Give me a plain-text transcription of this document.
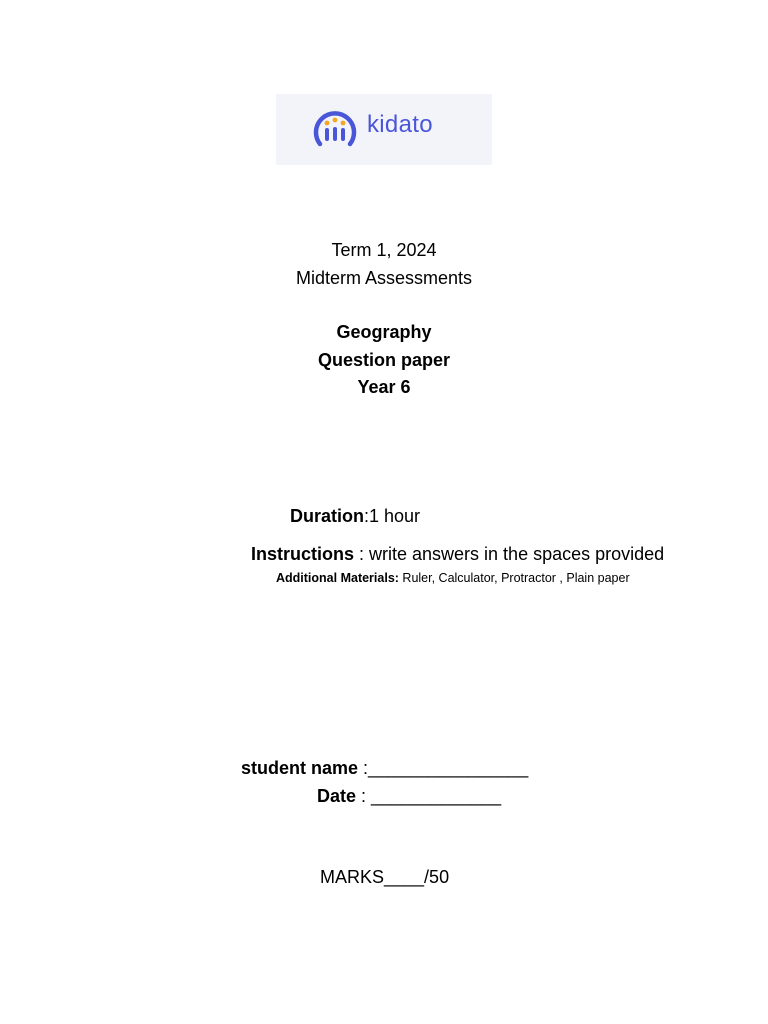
kidato
Term 1, 2024
Midterm Assessments
Geography
Question paper
Year 6
Duration:1 hour
Instructions : write answers in the spaces provided
Additional Materials: Ruler, Calculator, Protractor , Plain paper
student name :________________
Date : _____________
MARKS____/50
